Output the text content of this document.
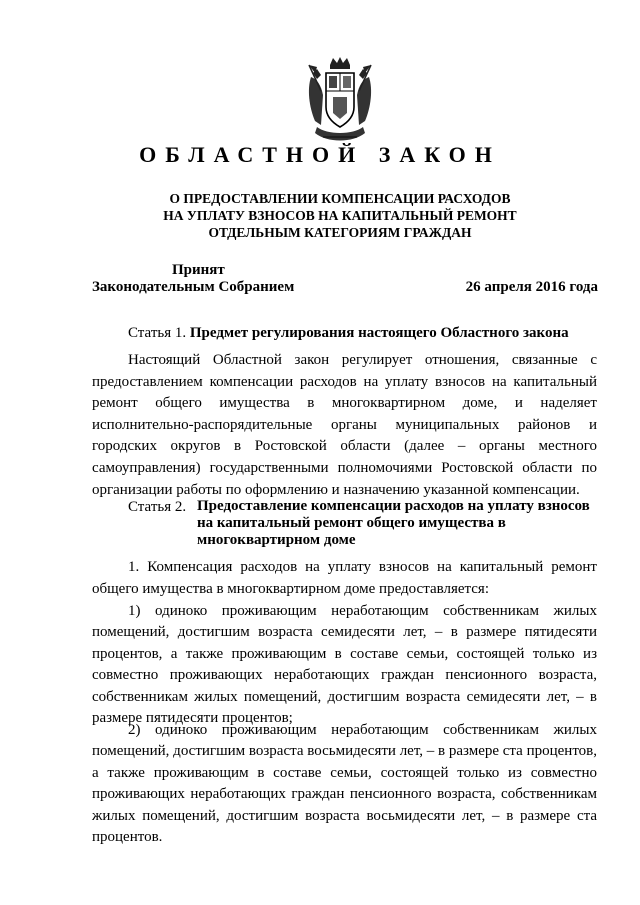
ОБЛАСТНОЙ ЗАКОН
О ПРЕДОСТАВЛЕНИИ КОМПЕНСАЦИИ РАСХОДОВ
НА УПЛАТУ ВЗНОСОВ НА КАПИТАЛЬНЫЙ РЕМОНТ
ОТДЕЛЬНЫМ КАТЕГОРИЯМ ГРАЖДАН
Принят
Законодательным Собранием	26 апреля 2016 года
Статья 1. Предмет регулирования настоящего Областного закона
Настоящий Областной закон регулирует отношения, связанные с предоставлением компенсации расходов на уплату взносов на капитальный ремонт общего имущества в многоквартирном доме, и наделяет исполнительно-распорядительные органы муниципальных районов и городских округов в Ростовской области (далее – органы местного самоуправления) государственными полномочиями Ростовской области по организации работы по оформлению и назначению указанной компенсации.
Статья 2. Предоставление компенсации расходов на уплату взносов
на капитальный ремонт общего имущества в
многоквартирном доме
1. Компенсация расходов на уплату взносов на капитальный ремонт общего имущества в многоквартирном доме предоставляется:
1) одиноко проживающим неработающим собственникам жилых помещений, достигшим возраста семидесяти лет, – в размере пятидесяти процентов, а также проживающим в составе семьи, состоящей только из совместно проживающих неработающих граждан пенсионного возраста, собственникам жилых помещений, достигшим возраста семидесяти лет, – в размере пятидесяти процентов;
2) одиноко проживающим неработающим собственникам жилых помещений, достигшим возраста восьмидесяти лет, – в размере ста процентов, а также проживающим в составе семьи, состоящей только из совместно проживающих неработающих граждан пенсионного возраста, собственникам жилых помещений, достигшим возраста восьмидесяти лет, – в размере ста процентов.
